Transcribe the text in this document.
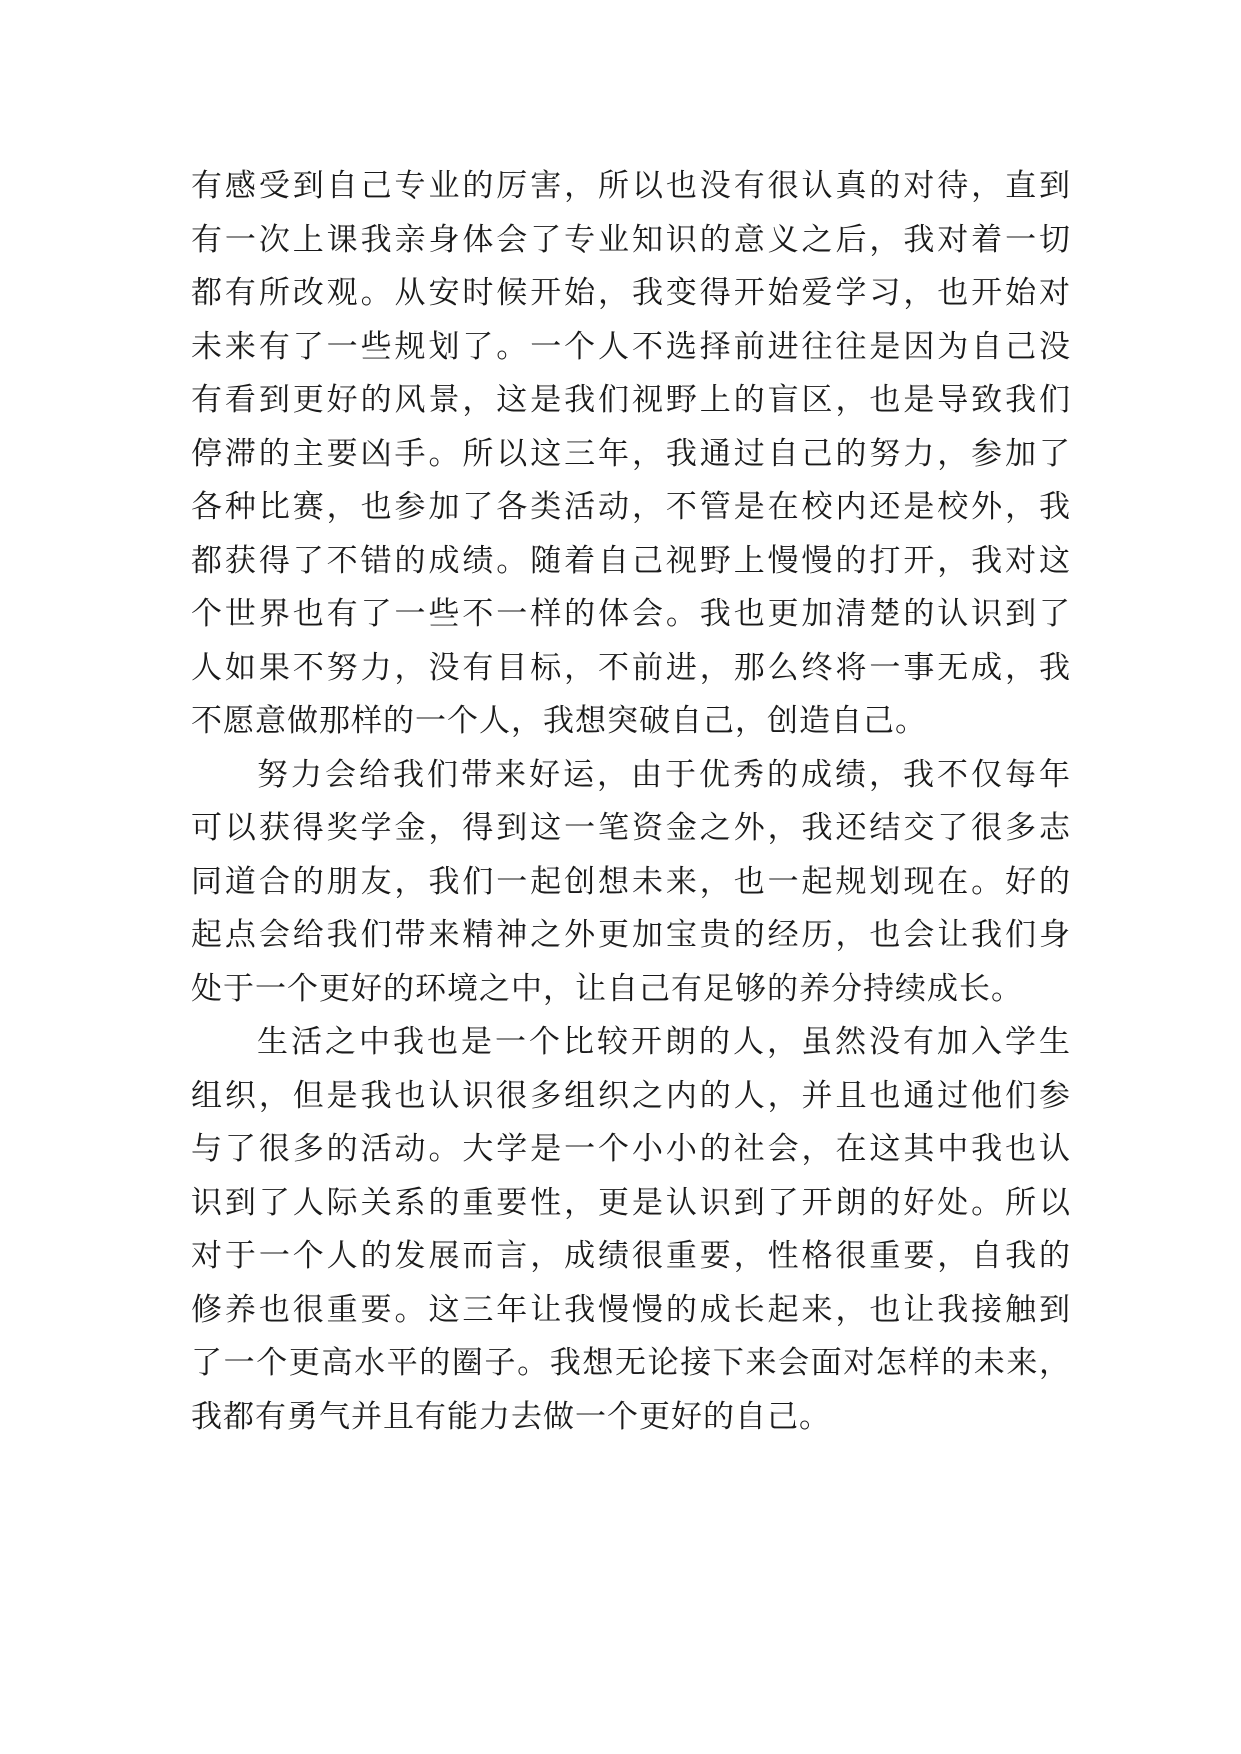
有感受到自己专业的厉害，所以也没有很认真的对待，直到
有一次上课我亲身体会了专业知识的意义之后，我对着一切
都有所改观。从安时候开始，我变得开始爱学习，也开始对
未来有了一些规划了。一个人不选择前进往往是因为自己没
有看到更好的风景，这是我们视野上的盲区，也是导致我们
停滞的主要凶手。所以这三年，我通过自己的努力，参加了
各种比赛，也参加了各类活动，不管是在校内还是校外，我
都获得了不错的成绩。随着自己视野上慢慢的打开，我对这
个世界也有了一些不一样的体会。我也更加清楚的认识到了
人如果不努力，没有目标，不前进，那么终将一事无成，我
不愿意做那样的一个人，我想突破自己，创造自己。
努力会给我们带来好运，由于优秀的成绩，我不仅每年
可以获得奖学金，得到这一笔资金之外，我还结交了很多志
同道合的朋友，我们一起创想未来，也一起规划现在。好的
起点会给我们带来精神之外更加宝贵的经历，也会让我们身
处于一个更好的环境之中，让自己有足够的养分持续成长。
生活之中我也是一个比较开朗的人，虽然没有加入学生
组织，但是我也认识很多组织之内的人，并且也通过他们参
与了很多的活动。大学是一个小小的社会，在这其中我也认
识到了人际关系的重要性，更是认识到了开朗的好处。所以
对于一个人的发展而言，成绩很重要，性格很重要，自我的
修养也很重要。这三年让我慢慢的成长起来，也让我接触到
了一个更高水平的圈子。我想无论接下来会面对怎样的未来，
我都有勇气并且有能力去做一个更好的自己。
